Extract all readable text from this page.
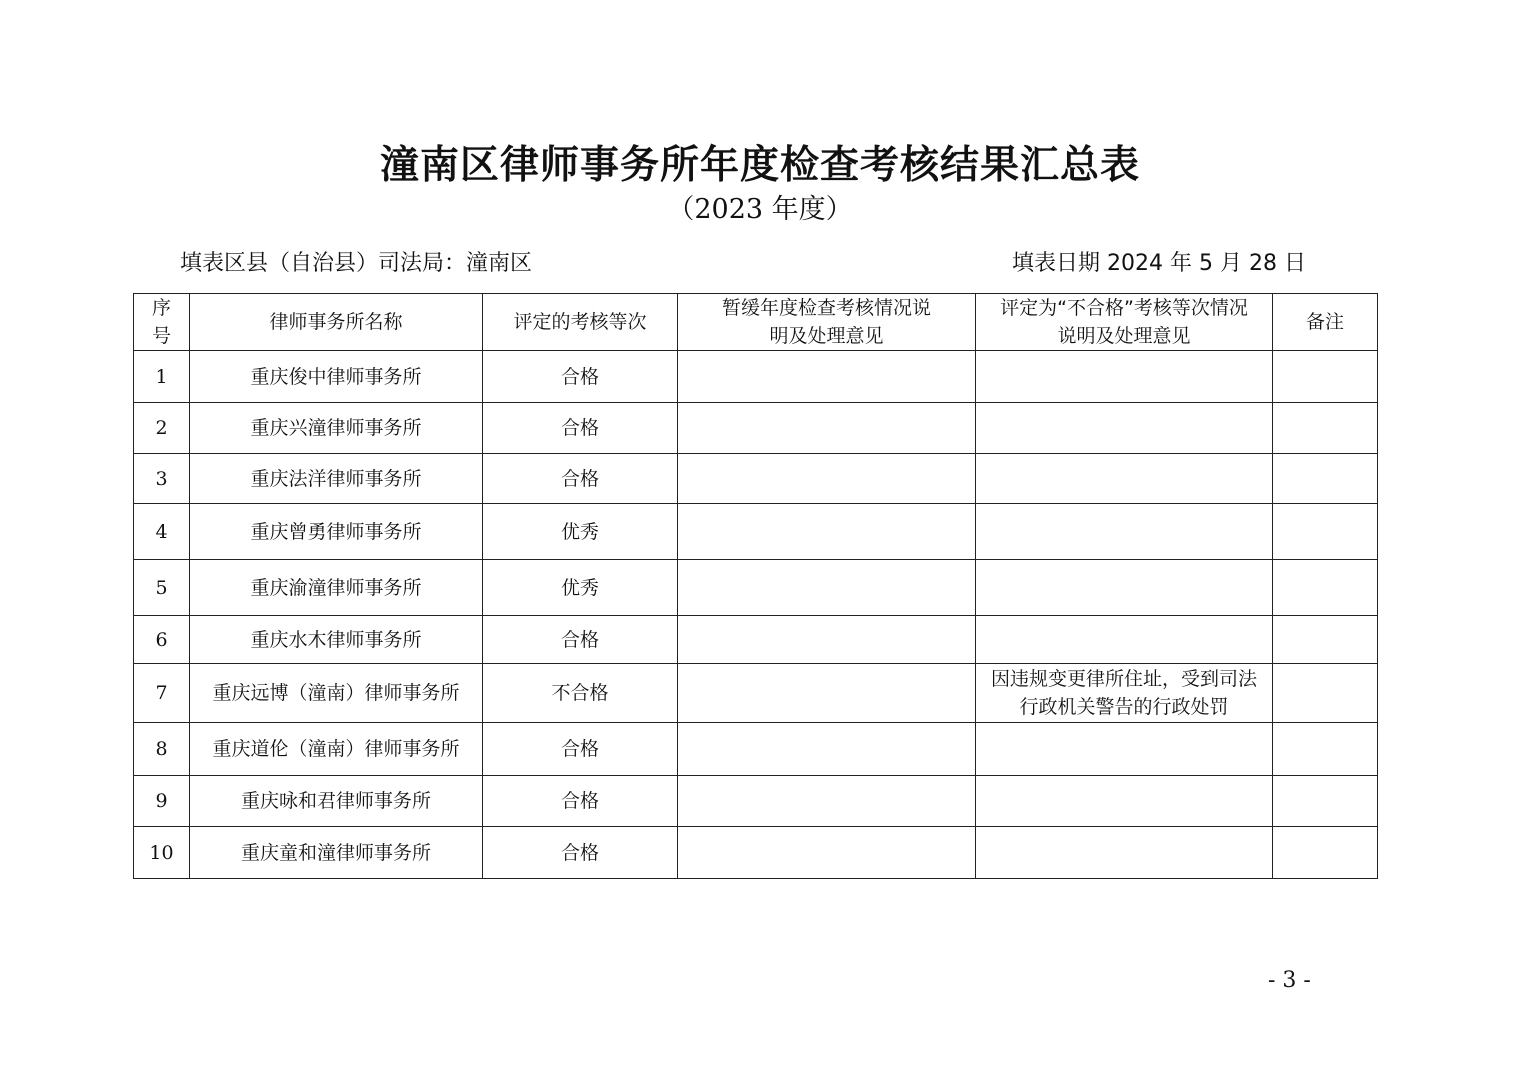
潼南区律师事务所年度检查考核结果汇总表
（2023 年度）
填表区县（自治县）司法局：潼南区	填表日期 2024 年 5 月 28 日
序号	律师事务所名称	评定的考核等次	暂缓年度检查考核情况说明及处理意见	评定为“不合格”考核等次情况说明及处理意见	备注
1	重庆俊中律师事务所	合格			
2	重庆兴潼律师事务所	合格			
3	重庆法洋律师事务所	合格			
4	重庆曾勇律师事务所	优秀			
5	重庆渝潼律师事务所	优秀			
6	重庆水木律师事务所	合格			
7	重庆远博（潼南）律师事务所	不合格		因违规变更律所住址，受到司法行政机关警告的行政处罚	
8	重庆道伦（潼南）律师事务所	合格			
9	重庆咏和君律师事务所	合格			
10	重庆童和潼律师事务所	合格			
- 3 -
